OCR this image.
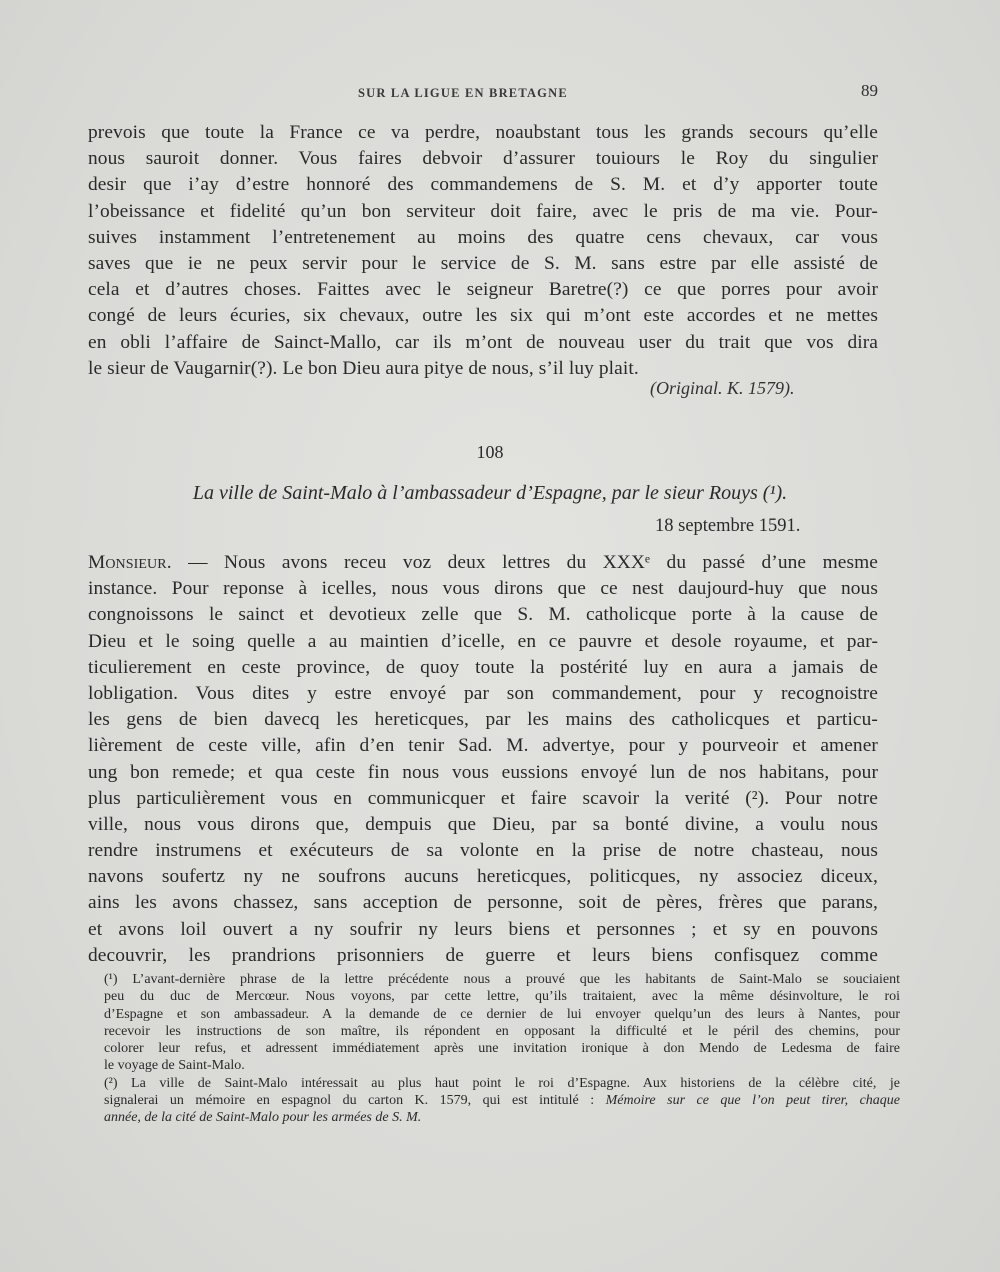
SUR LA LIGUE EN BRETAGNE	89
prevois que toute la France ce va perdre, noaubstant tous les grands secours qu’elle
nous sauroit donner. Vous faires debvoir d’assurer touiours le Roy du singulier
desir que i’ay d’estre honnoré des commandemens de S. M. et d’y apporter toute
l’obeissance et fidelité qu’un bon serviteur doit faire, avec le pris de ma vie. Pour-
suives instamment l’entretenement au moins des quatre cens chevaux, car vous
saves que ie ne peux servir pour le service de S. M. sans estre par elle assisté de
cela et d’autres choses. Faittes avec le seigneur Baretre(?) ce que porres pour avoir
congé de leurs écuries, six chevaux, outre les six qui m’ont este accordes et ne mettes
en obli l’affaire de Sainct-Mallo, car ils m’ont de nouveau user du trait que vos dira
le sieur de Vaugarnir(?). Le bon Dieu aura pitye de nous, s’il luy plait.
(Original. K. 1579).
108
La ville de Saint-Malo à l’ambassadeur d’Espagne, par le sieur Rouys (¹).
18 septembre 1591.
Monsieur. — Nous avons receu voz deux lettres du XXXᵉ du passé d’une mesme
instance. Pour reponse à icelles, nous vous dirons que ce nest daujourd-huy que nous
congnoissons le sainct et devotieux zelle que S. M. catholicque porte à la cause de
Dieu et le soing quelle a au maintien d’icelle, en ce pauvre et desole royaume, et par-
ticulierement en ceste province, de quoy toute la postérité luy en aura a jamais de
lobligation. Vous dites y estre envoyé par son commandement, pour y recognoistre
les gens de bien davecq les hereticques, par les mains des catholicques et particu-
lièrement de ceste ville, afin d’en tenir Sad. M. advertye, pour y pourveoir et amener
ung bon remede; et qua ceste fin nous vous eussions envoyé lun de nos habitans, pour
plus particulièrement vous en communicquer et faire scavoir la verité (²). Pour notre
ville, nous vous dirons que, dempuis que Dieu, par sa bonté divine, a voulu nous
rendre instrumens et exécuteurs de sa volonte en la prise de notre chasteau, nous
navons soufertz ny ne soufrons aucuns hereticques, politicques, ny associez diceux,
ains les avons chassez, sans acception de personne, soit de pères, frères que parans,
et avons loil ouvert a ny soufrir ny leurs biens et personnes ; et sy en pouvons
decouvrir, les prandrions prisonniers de guerre et leurs biens confisquez comme
(¹) L’avant-dernière phrase de la lettre précédente nous a prouvé que les habitants de Saint-Malo se souciaient
peu du duc de Mercœur. Nous voyons, par cette lettre, qu’ils traitaient, avec la même désinvolture, le roi
d’Espagne et son ambassadeur. A la demande de ce dernier de lui envoyer quelqu’un des leurs à Nantes, pour
recevoir les instructions de son maître, ils répondent en opposant la difficulté et le péril des chemins, pour
colorer leur refus, et adressent immédiatement après une invitation ironique à don Mendo de Ledesma de faire
le voyage de Saint-Malo.
(²) La ville de Saint-Malo intéressait au plus haut point le roi d’Espagne. Aux historiens de la célèbre cité, je
signalerai un mémoire en espagnol du carton K. 1579, qui est intitulé : Mémoire sur ce que l’on peut tirer, chaque
année, de la cité de Saint-Malo pour les armées de S. M.
